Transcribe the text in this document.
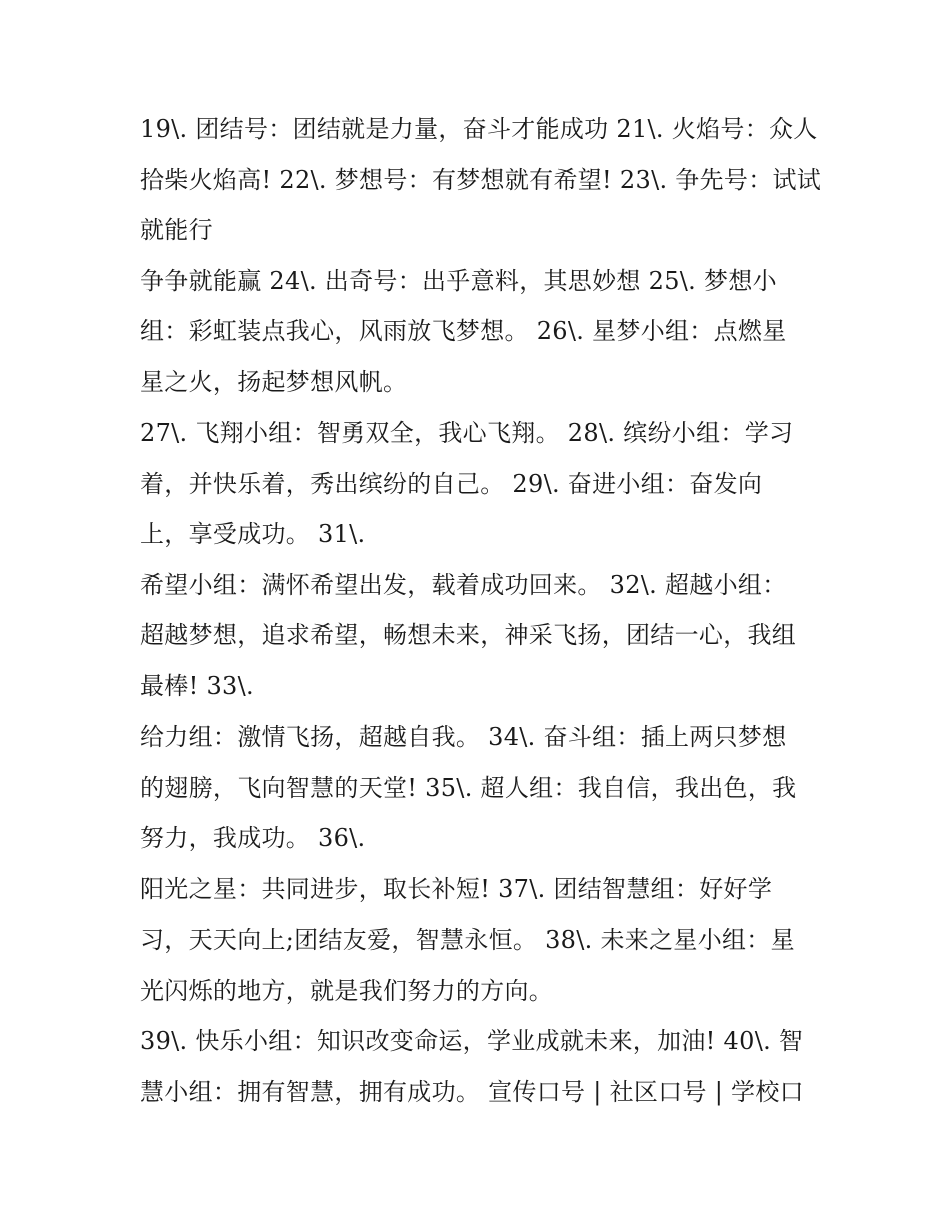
19\. 团结号：团结就是力量，奋斗才能成功 21\. 火焰号：众人
拾柴火焰高! 22\. 梦想号：有梦想就有希望! 23\. 争先号：试试
就能行
争争就能赢 24\. 出奇号：出乎意料，其思妙想 25\. 梦想小
组：彩虹装点我心，风雨放飞梦想。 26\. 星梦小组：点燃星
星之火，扬起梦想风帆。
27\. 飞翔小组：智勇双全，我心飞翔。 28\. 缤纷小组：学习
着，并快乐着，秀出缤纷的自己。 29\. 奋进小组：奋发向
上，享受成功。 31\.
希望小组：满怀希望出发，载着成功回来。 32\. 超越小组：
超越梦想，追求希望，畅想未来，神采飞扬，团结一心，我组
最棒! 33\.
给力组：激情飞扬，超越自我。 34\. 奋斗组：插上两只梦想
的翅膀，飞向智慧的天堂! 35\. 超人组：我自信，我出色，我
努力，我成功。 36\.
阳光之星：共同进步，取长补短! 37\. 团结智慧组：好好学
习，天天向上;团结友爱，智慧永恒。 38\. 未来之星小组：星
光闪烁的地方，就是我们努力的方向。
39\. 快乐小组：知识改变命运，学业成就未来，加油! 40\. 智
慧小组：拥有智慧，拥有成功。 宣传口号 | 社区口号 | 学校口
